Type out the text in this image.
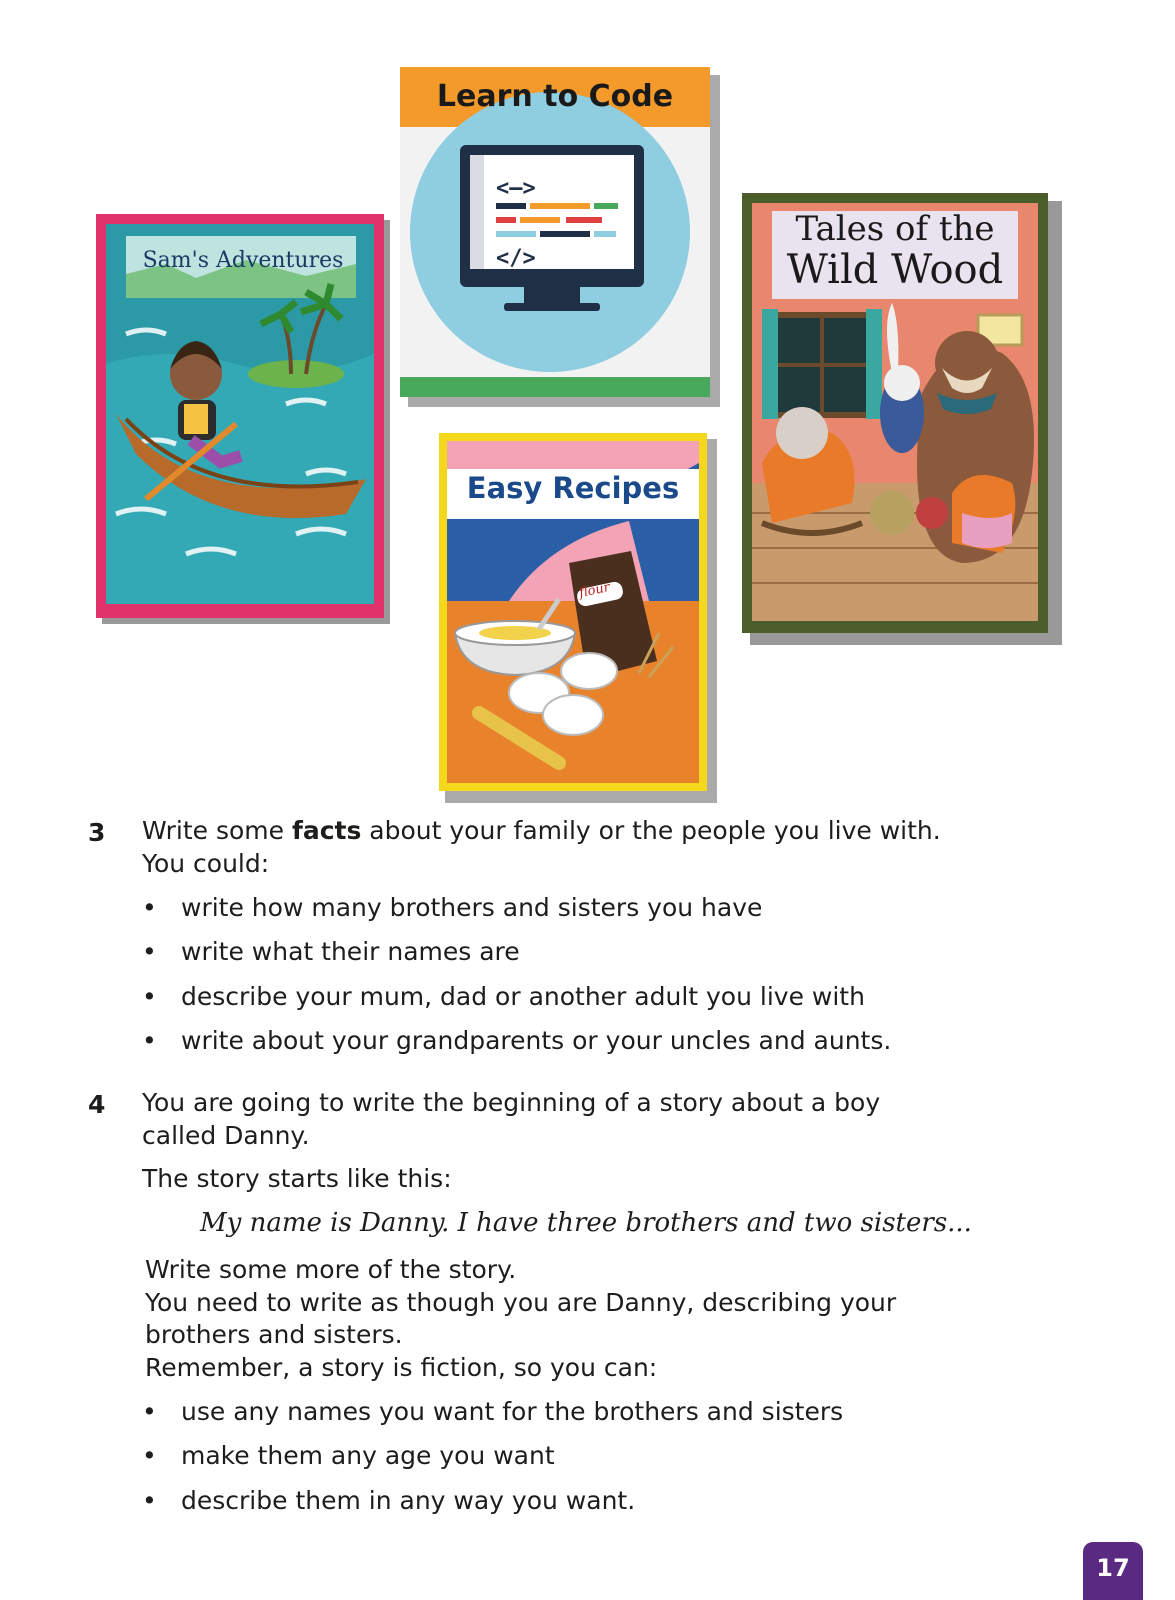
Sam's Adventures
<—>
</>
Learn to Code
Easy Recipes
flour
Tales of the
Wild Wood
3 Write some facts about your family or the people you live with.
You could:
• write how many brothers and sisters you have
• write what their names are
• describe your mum, dad or another adult you live with
• write about your grandparents or your uncles and aunts.
4 You are going to write the beginning of a story about a boy
called Danny.
The story starts like this:
My name is Danny. I have three brothers and two sisters...
Write some more of the story.
You need to write as though you are Danny, describing your
brothers and sisters.
Remember, a story is fiction, so you can:
• use any names you want for the brothers and sisters
• make them any age you want
• describe them in any way you want.
17
